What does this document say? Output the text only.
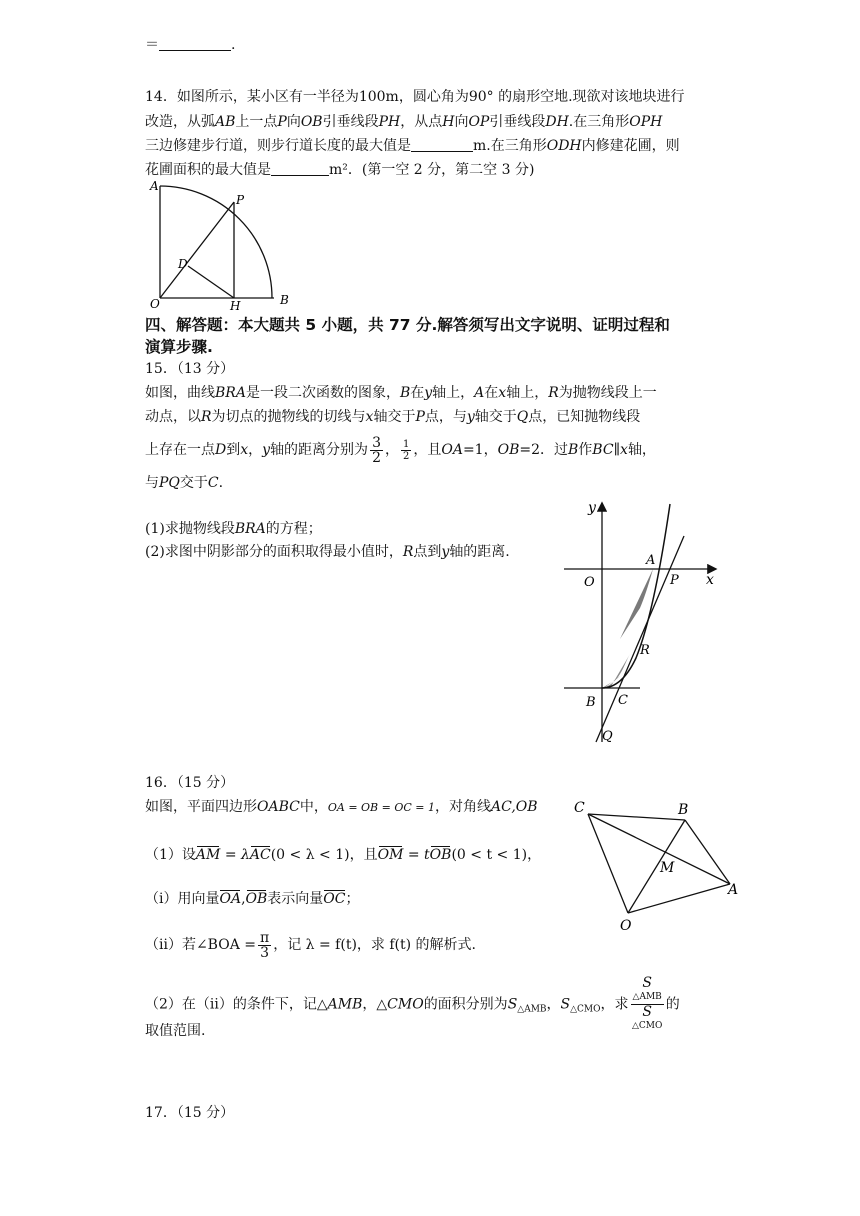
＝	.
14．如图所示，某小区有一半径为100m，圆心角为90° 的扇形空地.现欲对该地块进行
改造，从弧AB上一点P向OB引垂线段PH，从点H向OP引垂线段DH.在三角形OPH
三边修建步行道，则步行道长度的最大值是	m.在三角形ODH内修建花圃，则
花圃面积的最大值是	m²．(第一空 2 分，第二空 3 分)
A
P
D
O	H	B
四、解答题：本大题共 5 小题，共 77 分.解答须写出文字说明、证明过程和
演算步骤.
15．（13 分）
如图，曲线BRA是一段二次函数的图象，B在y轴上，A在x轴上，R为抛物线段上一
动点，以R为切点的抛物线的切线与x轴交于P点，与y轴交于Q点，已知抛物线段
上存在一点D到x，y轴的距离分别为 $\frac{3}{2}$ ， $\frac{1}{2}$ ，且OA=1，OB=2．过B作BC∥x轴，
与PQ交于C.
(1)求抛物线段BRA的方程；
(2)求图中阴影部分的面积取得最小值时，R点到y轴的距离.
y
x
O
A
P
R
B C
Q
16．（15 分）
如图，平面四边形OABC中，OA = OB = OC = 1，对角线AC,OB
（1）设AM = λAC(0 < λ < 1)，且OM = tOB(0 < t < 1)，
（ⅰ）用向量OA,OB表示向量OC；
（ⅱ）若∠BOA = $\frac{\pi}{3}$ ，记 λ = f(t)，求 f(t) 的解析式.
（2）在（ⅱ）的条件下，记△AMB，△CMO的面积分别为$S_{\triangle AMB}$，$S_{\triangle CMO}$，求 S
△AMB
S
△CMO 的
取值范围.
C	B
M
A
O
17．（15 分）
